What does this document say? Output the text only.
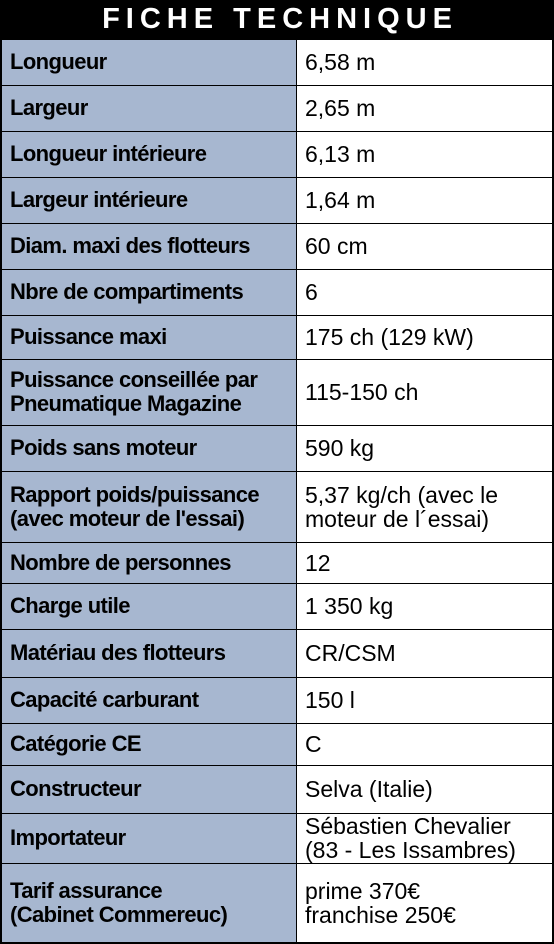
FICHE TECHNIQUE
Longueur	6,58 m
Largeur	2,65 m
Longueur intérieure	6,13 m
Largeur intérieure	1,64 m
Diam. maxi des flotteurs	60 cm
Nbre de compartiments	6
Puissance maxi	175 ch (129 kW)
Puissance conseillée par
Pneumatique Magazine	115-150 ch
Poids sans moteur	590 kg
Rapport poids/puissance
(avec moteur de l'essai)	5,37 kg/ch (avec le
moteur de l´essai)
Nombre de personnes	12
Charge utile	1 350 kg
Matériau des flotteurs	CR/CSM
Capacité carburant	150 l
Catégorie CE	C
Constructeur	Selva (Italie)
Importateur	Sébastien Chevalier
(83 - Les Issambres)
Tarif assurance
(Cabinet Commereuc)	prime 370€
franchise 250€
